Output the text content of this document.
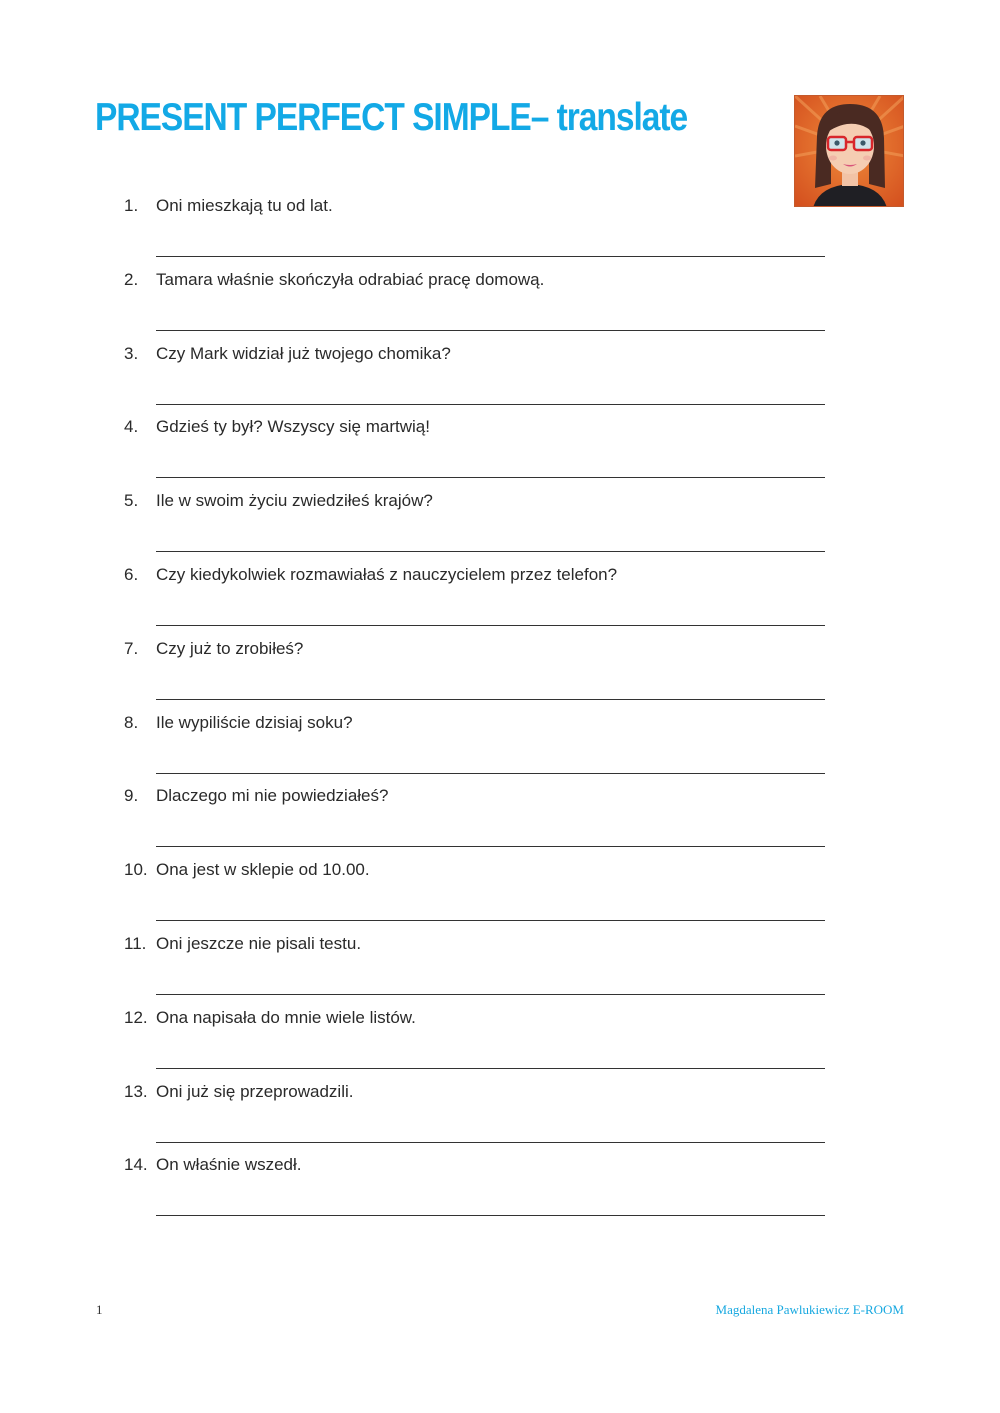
PRESENT PERFECT SIMPLE– translate
1. Oni mieszkają tu od lat.
2. Tamara właśnie skończyła odrabiać pracę domową.
3. Czy Mark widział już twojego chomika?
4. Gdzieś ty był? Wszyscy się martwią!
5. Ile w swoim życiu zwiedziłeś krajów?
6. Czy kiedykolwiek rozmawiałaś z nauczycielem przez telefon?
7. Czy już to zrobiłeś?
8. Ile wypiliście dzisiaj soku?
9. Dlaczego mi nie powiedziałeś?
10. Ona jest w sklepie od 10.00.
11. Oni jeszcze nie pisali testu.
12. Ona napisała do mnie wiele listów.
13. Oni już się przeprowadzili.
14. On właśnie wszedł.
1	Magdalena Pawlukiewicz E-ROOM
